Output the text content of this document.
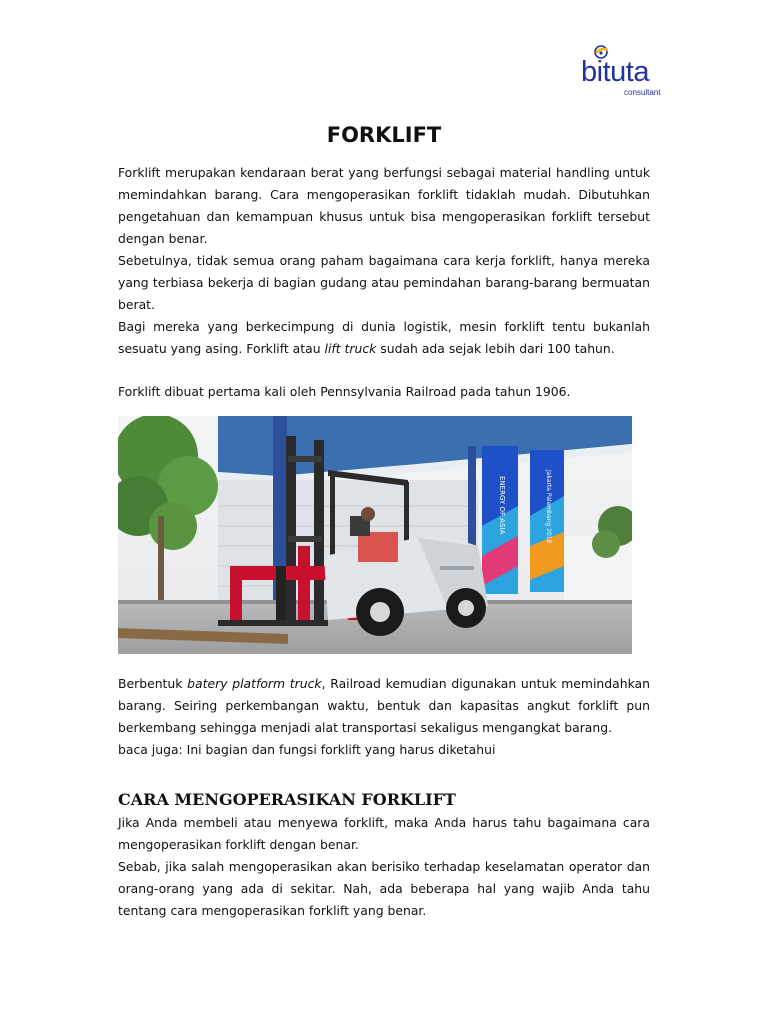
bituta
consultant
FORKLIFT

Forklift merupakan kendaraan berat yang berfungsi sebagai material handling untuk memindahkan barang. Cara mengoperasikan forklift tidaklah mudah. Dibutuhkan pengetahuan dan kemampuan khusus untuk bisa mengoperasikan forklift tersebut dengan benar.

Sebetulnya, tidak semua orang paham bagaimana cara kerja forklift, hanya mereka yang terbiasa bekerja di bagian gudang atau pemindahan barang-barang bermuatan berat.

Bagi mereka yang berkecimpung di dunia logistik, mesin forklift tentu bukanlah sesuatu yang asing. Forklift atau lift truck sudah ada sejak lebih dari 100 tahun.

Forklift dibuat pertama kali oleh Pennsylvania Railroad pada tahun 1906.

ENERGY OF ASIA	Jakarta Palembang 2018

Berbentuk batery platform truck, Railroad kemudian digunakan untuk memindahkan barang. Seiring perkembangan waktu, bentuk dan kapasitas angkut forklift pun berkembang sehingga menjadi alat transportasi sekaligus mengangkat barang.

baca juga: Ini bagian dan fungsi forklift yang harus diketahui

CARA MENGOPERASIKAN FORKLIFT

Jika Anda membeli atau menyewa forklift, maka Anda harus tahu bagaimana cara mengoperasikan forklift dengan benar.

Sebab, jika salah mengoperasikan akan berisiko terhadap keselamatan operator dan orang-orang yang ada di sekitar. Nah, ada beberapa hal yang wajib Anda tahu tentang cara mengoperasikan forklift yang benar.
